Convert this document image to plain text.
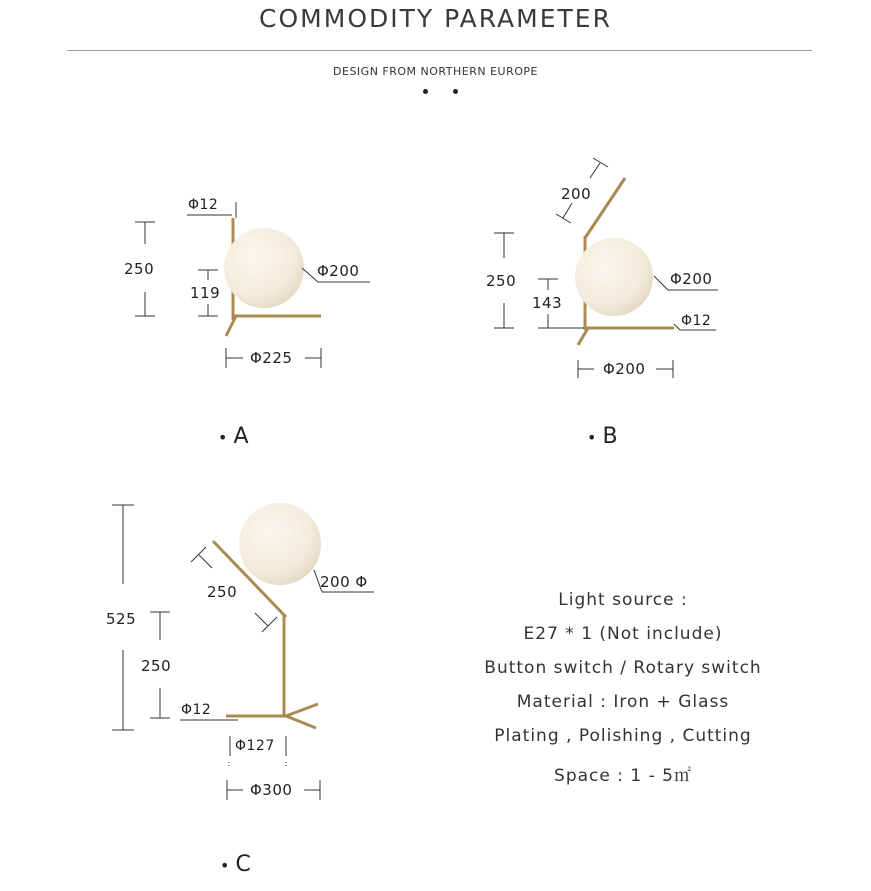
COMMODITY PARAMETER
DESIGN FROM NORTHERN EUROPE
250
119
Φ12
Φ200
Φ225
• A
200
250
143
Φ200
Φ12
Φ200
• B
525
250
250
200 Φ
Φ12
Φ127
Φ300
• C
Light source :
E27 * 1 (Not include)
Button switch / Rotary switch
Material : Iron + Glass
Plating , Polishing , Cutting
Space : 1 - 5㎡
